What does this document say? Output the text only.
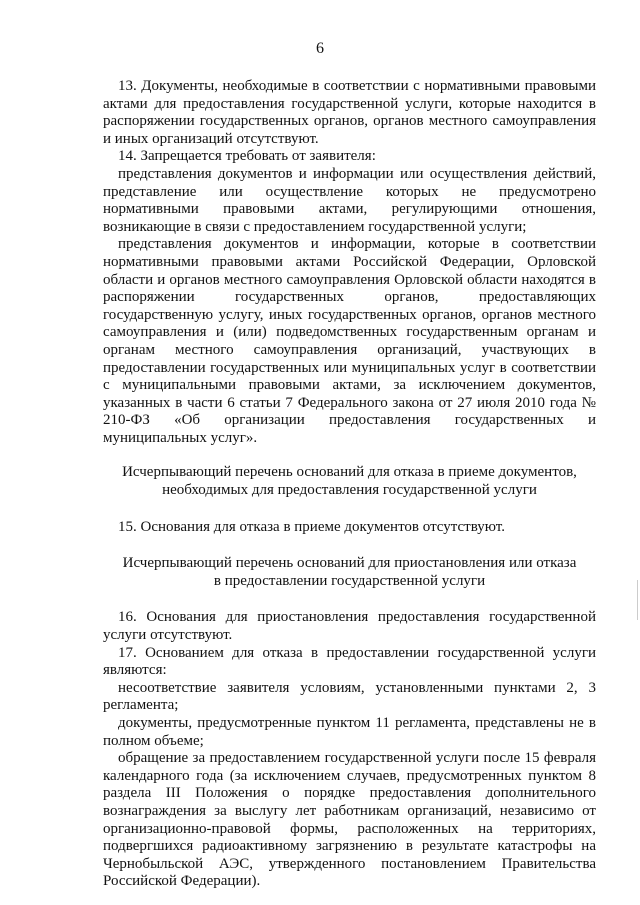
6

13. Документы, необходимые в соответствии с нормативными правовыми актами для предоставления государственной услуги, которые находится в распоряжении государственных органов, органов местного самоуправления и иных организаций отсутствуют.

14. Запрещается требовать от заявителя:

представления документов и информации или осуществления действий, представление или осуществление которых не предусмотрено нормативными правовыми актами, регулирующими отношения, возникающие в связи с предоставлением государственной услуги;

представления документов и информации, которые в соответствии нормативными правовыми актами Российской Федерации, Орловской области и органов местного самоуправления Орловской области находятся в распоряжении государственных органов, предоставляющих государственную услугу, иных государственных органов, органов местного самоуправления и (или) подведомственных государственным органам и органам местного самоуправления организаций, участвующих в предоставлении государственных или муниципальных услуг в соответствии с муниципальными правовыми актами, за исключением документов, указанных в части 6 статьи 7 Федерального закона от 27 июля 2010 года № 210-ФЗ «Об организации предоставления государственных и муниципальных услуг».

Исчерпывающий перечень оснований для отказа в приеме документов,
необходимых для предоставления государственной услуги

15. Основания для отказа в приеме документов отсутствуют.

Исчерпывающий перечень оснований для приостановления или отказа
в предоставлении государственной услуги

16. Основания для приостановления предоставления государственной услуги отсутствуют.

17. Основанием для отказа в предоставлении государственной услуги являются:

несоответствие заявителя условиям, установленными пунктами 2, 3 регламента;

документы, предусмотренные пунктом 11 регламента, представлены не в полном объеме;

обращение за предоставлением государственной услуги после 15 февраля календарного года (за исключением случаев, предусмотренных пунктом 8 раздела III Положения о порядке предоставления дополнительного вознаграждения за выслугу лет работникам организаций, независимо от организационно-правовой формы, расположенных на территориях, подвергшихся радиоактивному загрязнению в результате катастрофы на Чернобыльской АЭС, утвержденного постановлением Правительства Российской Федерации).
